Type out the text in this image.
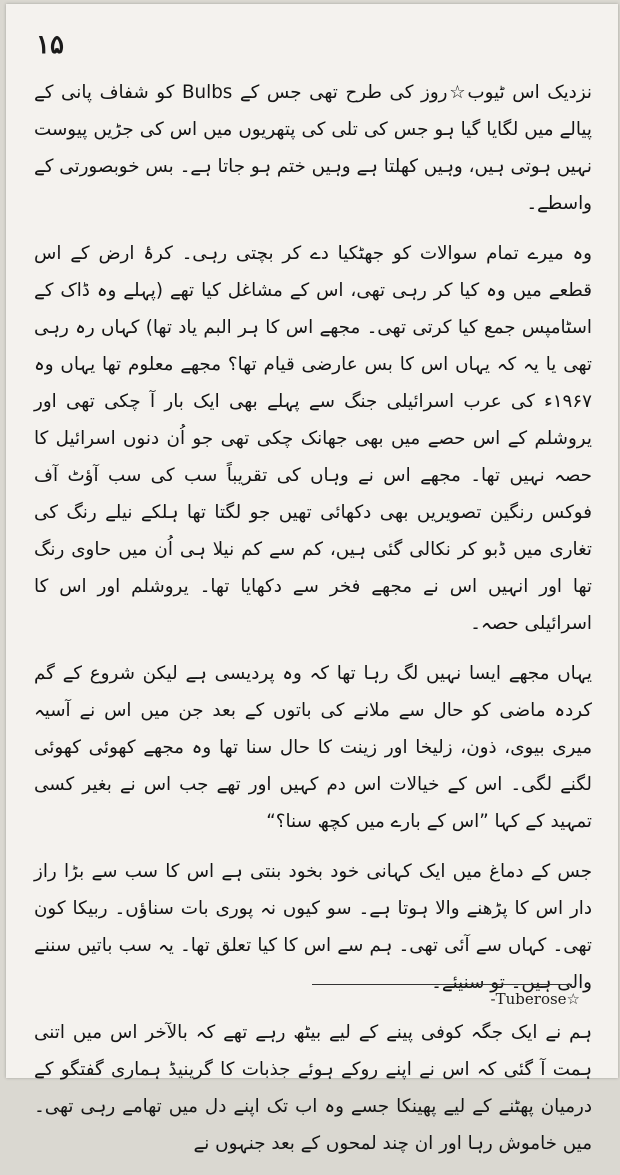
۱۵

نزدیک اس ٹیوب☆روز کی طرح تھی جس کے Bulbs کو شفاف پانی کے پیالے میں لگایا گیا ہو جس کی تلی کی پتھریوں میں اس کی جڑیں پیوست نہیں ہوتی ہیں، وہیں کھلتا ہے وہیں ختم ہو جاتا ہے۔ بس خوبصورتی کے واسطے۔

وہ میرے تمام سوالات کو جھٹکیا دے کر بچتی رہی۔ کرۂ ارض کے اس قطعے میں وہ کیا کر رہی تھی، اس کے مشاغل کیا تھے (پہلے وہ ڈاک کے اسٹامپس جمع کیا کرتی تھی۔ مجھے اس کا ہر البم یاد تھا) کہاں رہ رہی تھی یا یہ کہ یہاں اس کا بس عارضی قیام تھا؟ مجھے معلوم تھا یہاں وہ ۱۹۶۷ء کی عرب اسرائیلی جنگ سے پہلے بھی ایک بار آ چکی تھی اور یروشلم کے اس حصے میں بھی جھانک چکی تھی جو اُن دنوں اسرائیل کا حصہ نہیں تھا۔ مجھے اس نے وہاں کی تقریباً سب کی سب آؤٹ آف فوکس رنگین تصویریں بھی دکھائی تھیں جو لگتا تھا ہلکے نیلے رنگ کی تغاری میں ڈبو کر نکالی گئی ہیں، کم سے کم نیلا ہی اُن میں حاوی رنگ تھا اور انہیں اس نے مجھے فخر سے دکھایا تھا۔ یروشلم اور اس کا اسرائیلی حصہ۔

یہاں مجھے ایسا نہیں لگ رہا تھا کہ وہ پردیسی ہے لیکن شروع کے گم کردہ ماضی کو حال سے ملانے کی باتوں کے بعد جن میں اس نے آسیہ میری بیوی، ذون، زلیخا اور زینت کا حال سنا تھا وہ مجھے کھوئی کھوئی لگنے لگی۔ اس کے خیالات اس دم کہیں اور تھے جب اس نے بغیر کسی تمہید کے کہا ”اس کے بارے میں کچھ سنا؟“

جس کے دماغ میں ایک کہانی خود بخود بنتی ہے اس کا سب سے بڑا راز دار اس کا پڑھنے والا ہوتا ہے۔ سو کیوں نہ پوری بات سناؤں۔ ربیکا کون تھی۔ کہاں سے آئی تھی۔ ہم سے اس کا کیا تعلق تھا۔ یہ سب باتیں سننے والی ہیں۔ تو سنیئے۔

ہم نے ایک جگہ کوفی پینے کے لیے بیٹھ رہے تھے کہ بالآخر اس میں اتنی ہمت آ گئی کہ اس نے اپنے روکے ہوئے جذبات کا گرینیڈ ہماری گفتگو کے درمیان پھٹنے کے لیے پھینکا جسے وہ اب تک اپنے دل میں تھامے رہی تھی۔ میں خاموش رہا اور ان چند لمحوں کے بعد جنہوں نے

☆Tuberose-
